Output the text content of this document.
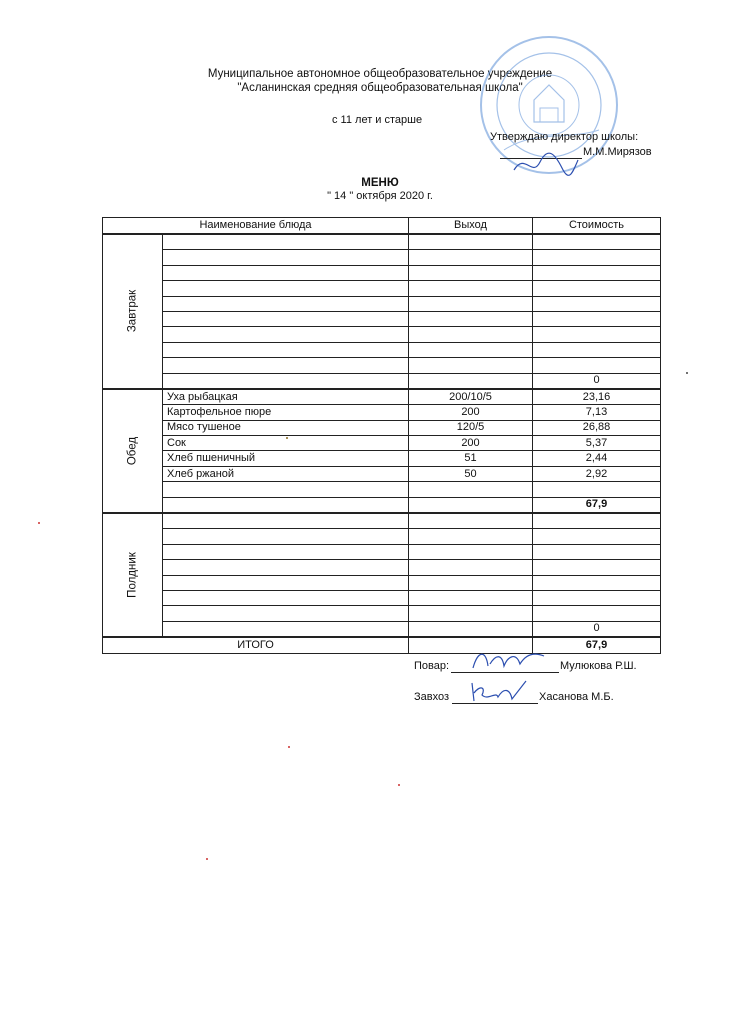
Муниципальное автономное общеобразовательное учреждение
"Асланинская средняя общеобразовательная школа"
с 11 лет и старше
Утверждаю директор школы:
М.М.Мирязов
МЕНЮ
" 14 " октября 2020 г.
Наименование блюда		Выход	Стоимость

Завтрак			

			0

Обед	Уха рыбацкая	200/10/5	23,16
	Картофельное пюре	200	7,13
	Мясо тушеное	120/5	26,88
	Сок	200	5,37
	Хлеб пшеничный	51	2,44
	Хлеб ржаной	50	2,92

			67,9

Полдник			

			0
ИТОГО			67,9
Повар:	Мулюкова Р.Ш.
Завхоз	Хасанова М.Б.
